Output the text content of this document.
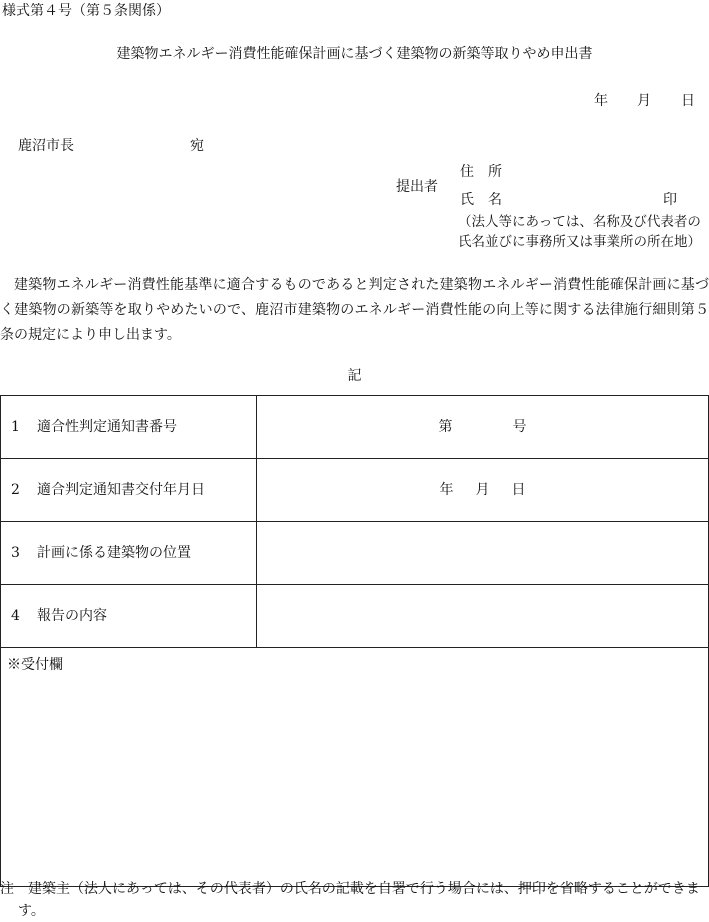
様式第４号（第５条関係）
建築物エネルギー消費性能確保計画に基づく建築物の新築等取りやめ申出書
年 月 日
鹿沼市長	宛
提出者
住　所
氏　名	印
（法人等にあっては、名称及び代表者の
氏名並びに事務所又は事業所の所在地）
建築物エネルギー消費性能基準に適合するものであると判定された建築物エネルギー消費性能確保計画に基づく建築物の新築等を取りやめたいので、鹿沼市建築物のエネルギー消費性能の向上等に関する法律施行細則第５条の規定により申し出ます。
記
1 適合性判定通知書番号	第 号
2 適合判定通知書交付年月日	年 月 日
3 計画に係る建築物の位置	
4 報告の内容	
※受付欄	
注　建築主（法人にあっては、その代表者）の氏名の記載を自署で行う場合には、押印を省略することができます。
